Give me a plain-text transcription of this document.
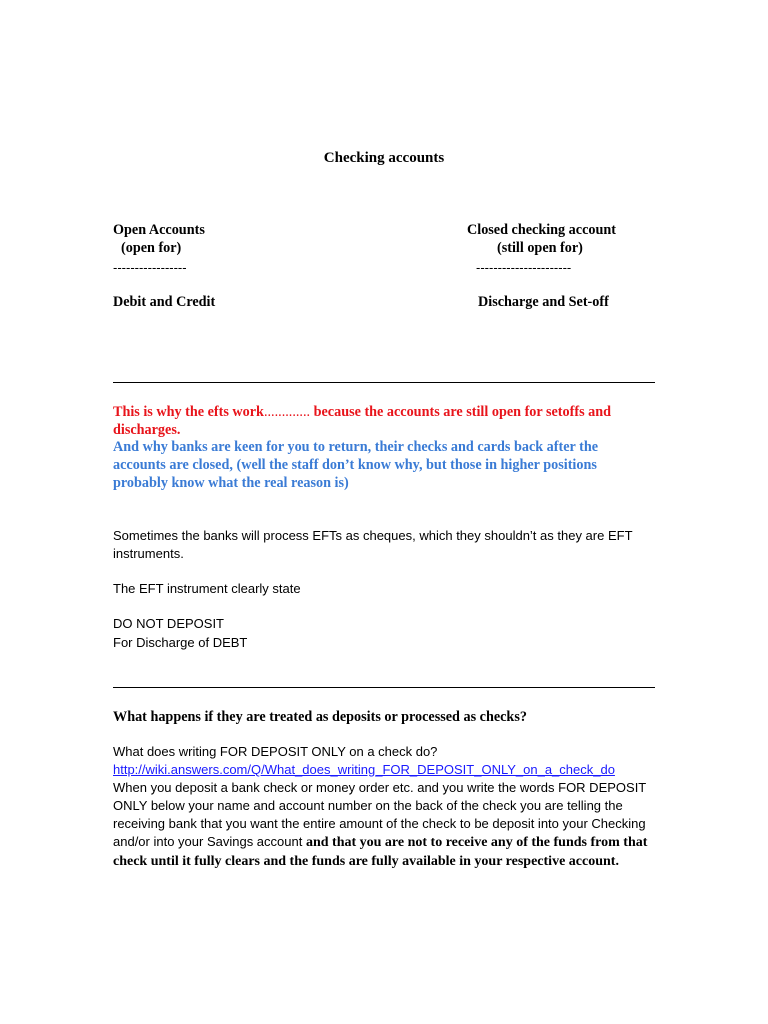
Checking accounts
Open Accounts
(open for)
-----------------
Debit and Credit
Closed checking account
(still open for)
----------------------
Discharge and Set-off
This is why the efts work............. because the accounts are still open for setoffs and discharges.
And why banks are keen for you to return, their checks and cards back after the accounts are closed, (well the staff don’t know why, but those in higher positions probably know what the real reason is)
Sometimes the banks will process EFTs as cheques, which they shouldn’t as they are EFT instruments.
The EFT instrument clearly state
DO NOT DEPOSIT
For Discharge of DEBT
What happens if they are treated as deposits or processed as checks?
What does writing FOR DEPOSIT ONLY on a check do?
http://wiki.answers.com/Q/What_does_writing_FOR_DEPOSIT_ONLY_on_a_check_do
When you deposit a bank check or money order etc. and you write the words FOR DEPOSIT ONLY below your name and account number on the back of the check you are telling the receiving bank that you want the entire amount of the check to be deposit into your Checking and/or into your Savings account and that you are not to receive any of the funds from that check until it fully clears and the funds are fully available in your respective account.
